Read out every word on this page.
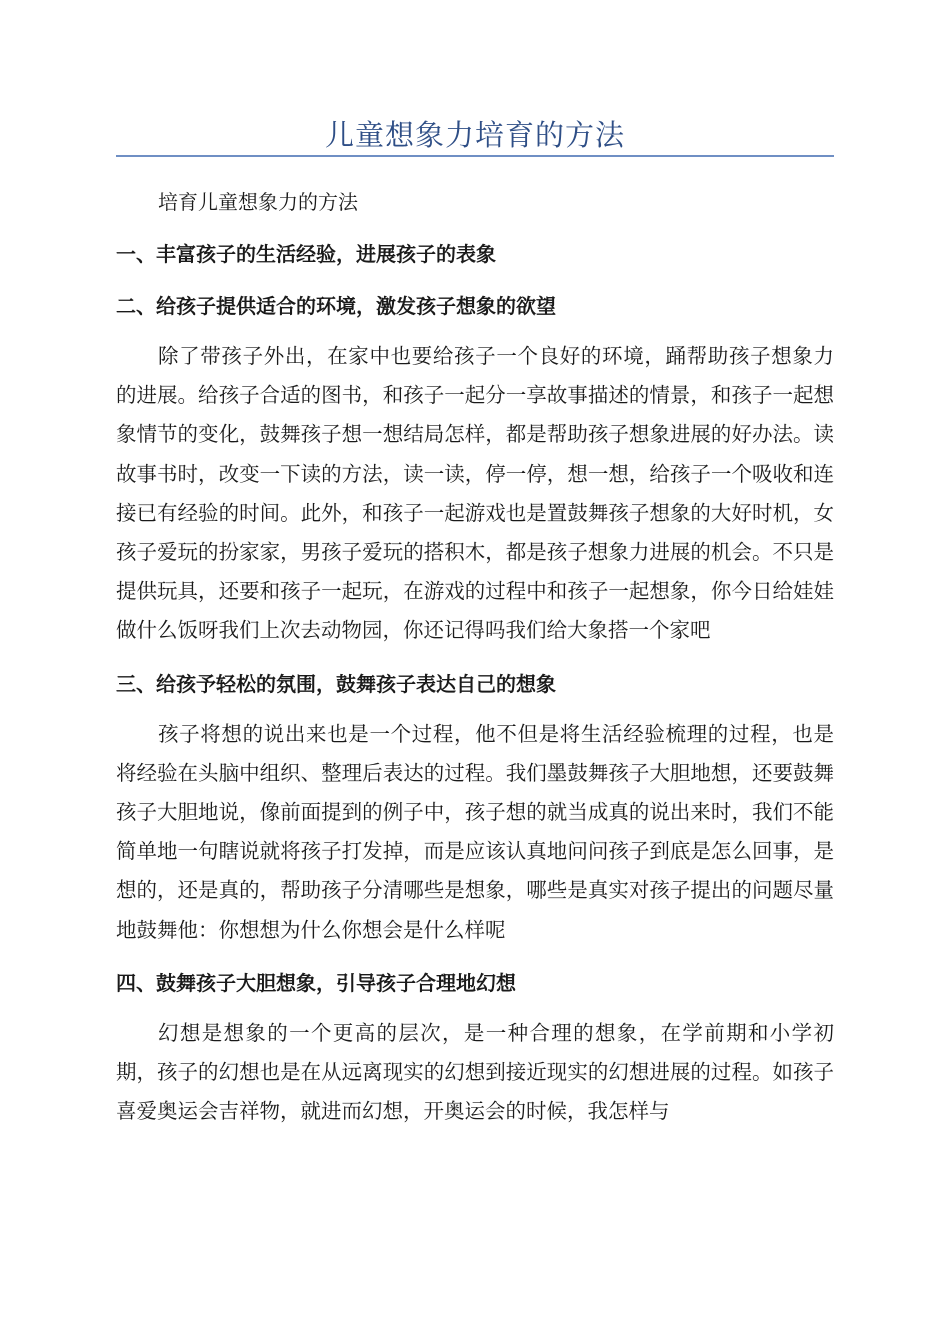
儿童想象力培育的方法

培育儿童想象力的方法

一、丰富孩子的生活经验，进展孩子的表象

二、给孩子提供适合的环境，激发孩子想象的欲望

除了带孩子外出，在家中也要给孩子一个良好的环境，踊帮助孩子想象力的进展。给孩子合适的图书，和孩子一起分一享故事描述的情景，和孩子一起想象情节的变化，鼓舞孩子想一想结局怎样，都是帮助孩子想象进展的好办法。读故事书时，改变一下读的方法，读一读，停一停，想一想，给孩子一个吸收和连接已有经验的时间。此外，和孩子一起游戏也是置鼓舞孩子想象的大好时机，女孩子爱玩的扮家家，男孩子爱玩的搭积木，都是孩子想象力进展的机会。不只是提供玩具，还要和孩子一起玩，在游戏的过程中和孩子一起想象，你今日给娃娃做什么饭呀我们上次去动物园，你还记得吗我们给大象搭一个家吧

三、给孩予轻松的氛围，鼓舞孩子表达自己的想象

孩子将想的说出来也是一个过程，他不但是将生活经验梳理的过程，也是将经验在头脑中组织、整理后表达的过程。我们墨鼓舞孩子大胆地想，还要鼓舞孩子大胆地说，像前面提到的例子中，孩子想的就当成真的说出来时，我们不能简单地一句瞎说就将孩子打发掉，而是应该认真地问问孩子到底是怎么回事，是想的，还是真的，帮助孩子分清哪些是想象，哪些是真实对孩子提出的问题尽量地鼓舞他：你想想为什么你想会是什么样呢

四、鼓舞孩子大胆想象，引导孩子合理地幻想

幻想是想象的一个更高的层次，是一种合理的想象，在学前期和小学初期，孩子的幻想也是在从远离现实的幻想到接近现实的幻想进展的过程。如孩子喜爱奥运会吉祥物，就进而幻想，开奥运会的时候，我怎样与
